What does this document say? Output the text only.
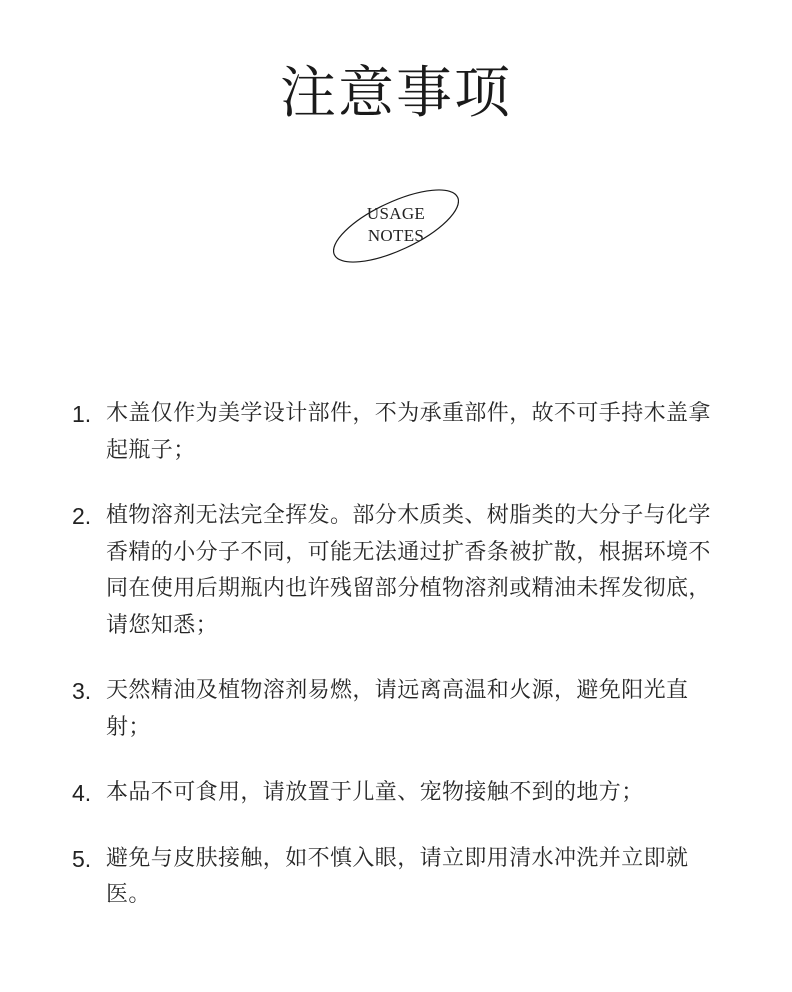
注意事项
USAGE
NOTES
1. 木盖仅作为美学设计部件，不为承重部件，故不可手持木盖拿起瓶子；
2. 植物溶剂无法完全挥发。部分木质类、树脂类的大分子与化学香精的小分子不同，可能无法通过扩香条被扩散，根据环境不同在使用后期瓶内也许残留部分植物溶剂或精油未挥发彻底，请您知悉；
3. 天然精油及植物溶剂易燃，请远离高温和火源，避免阳光直射；
4. 本品不可食用，请放置于儿童、宠物接触不到的地方；
5. 避免与皮肤接触，如不慎入眼，请立即用清水冲洗并立即就医。
